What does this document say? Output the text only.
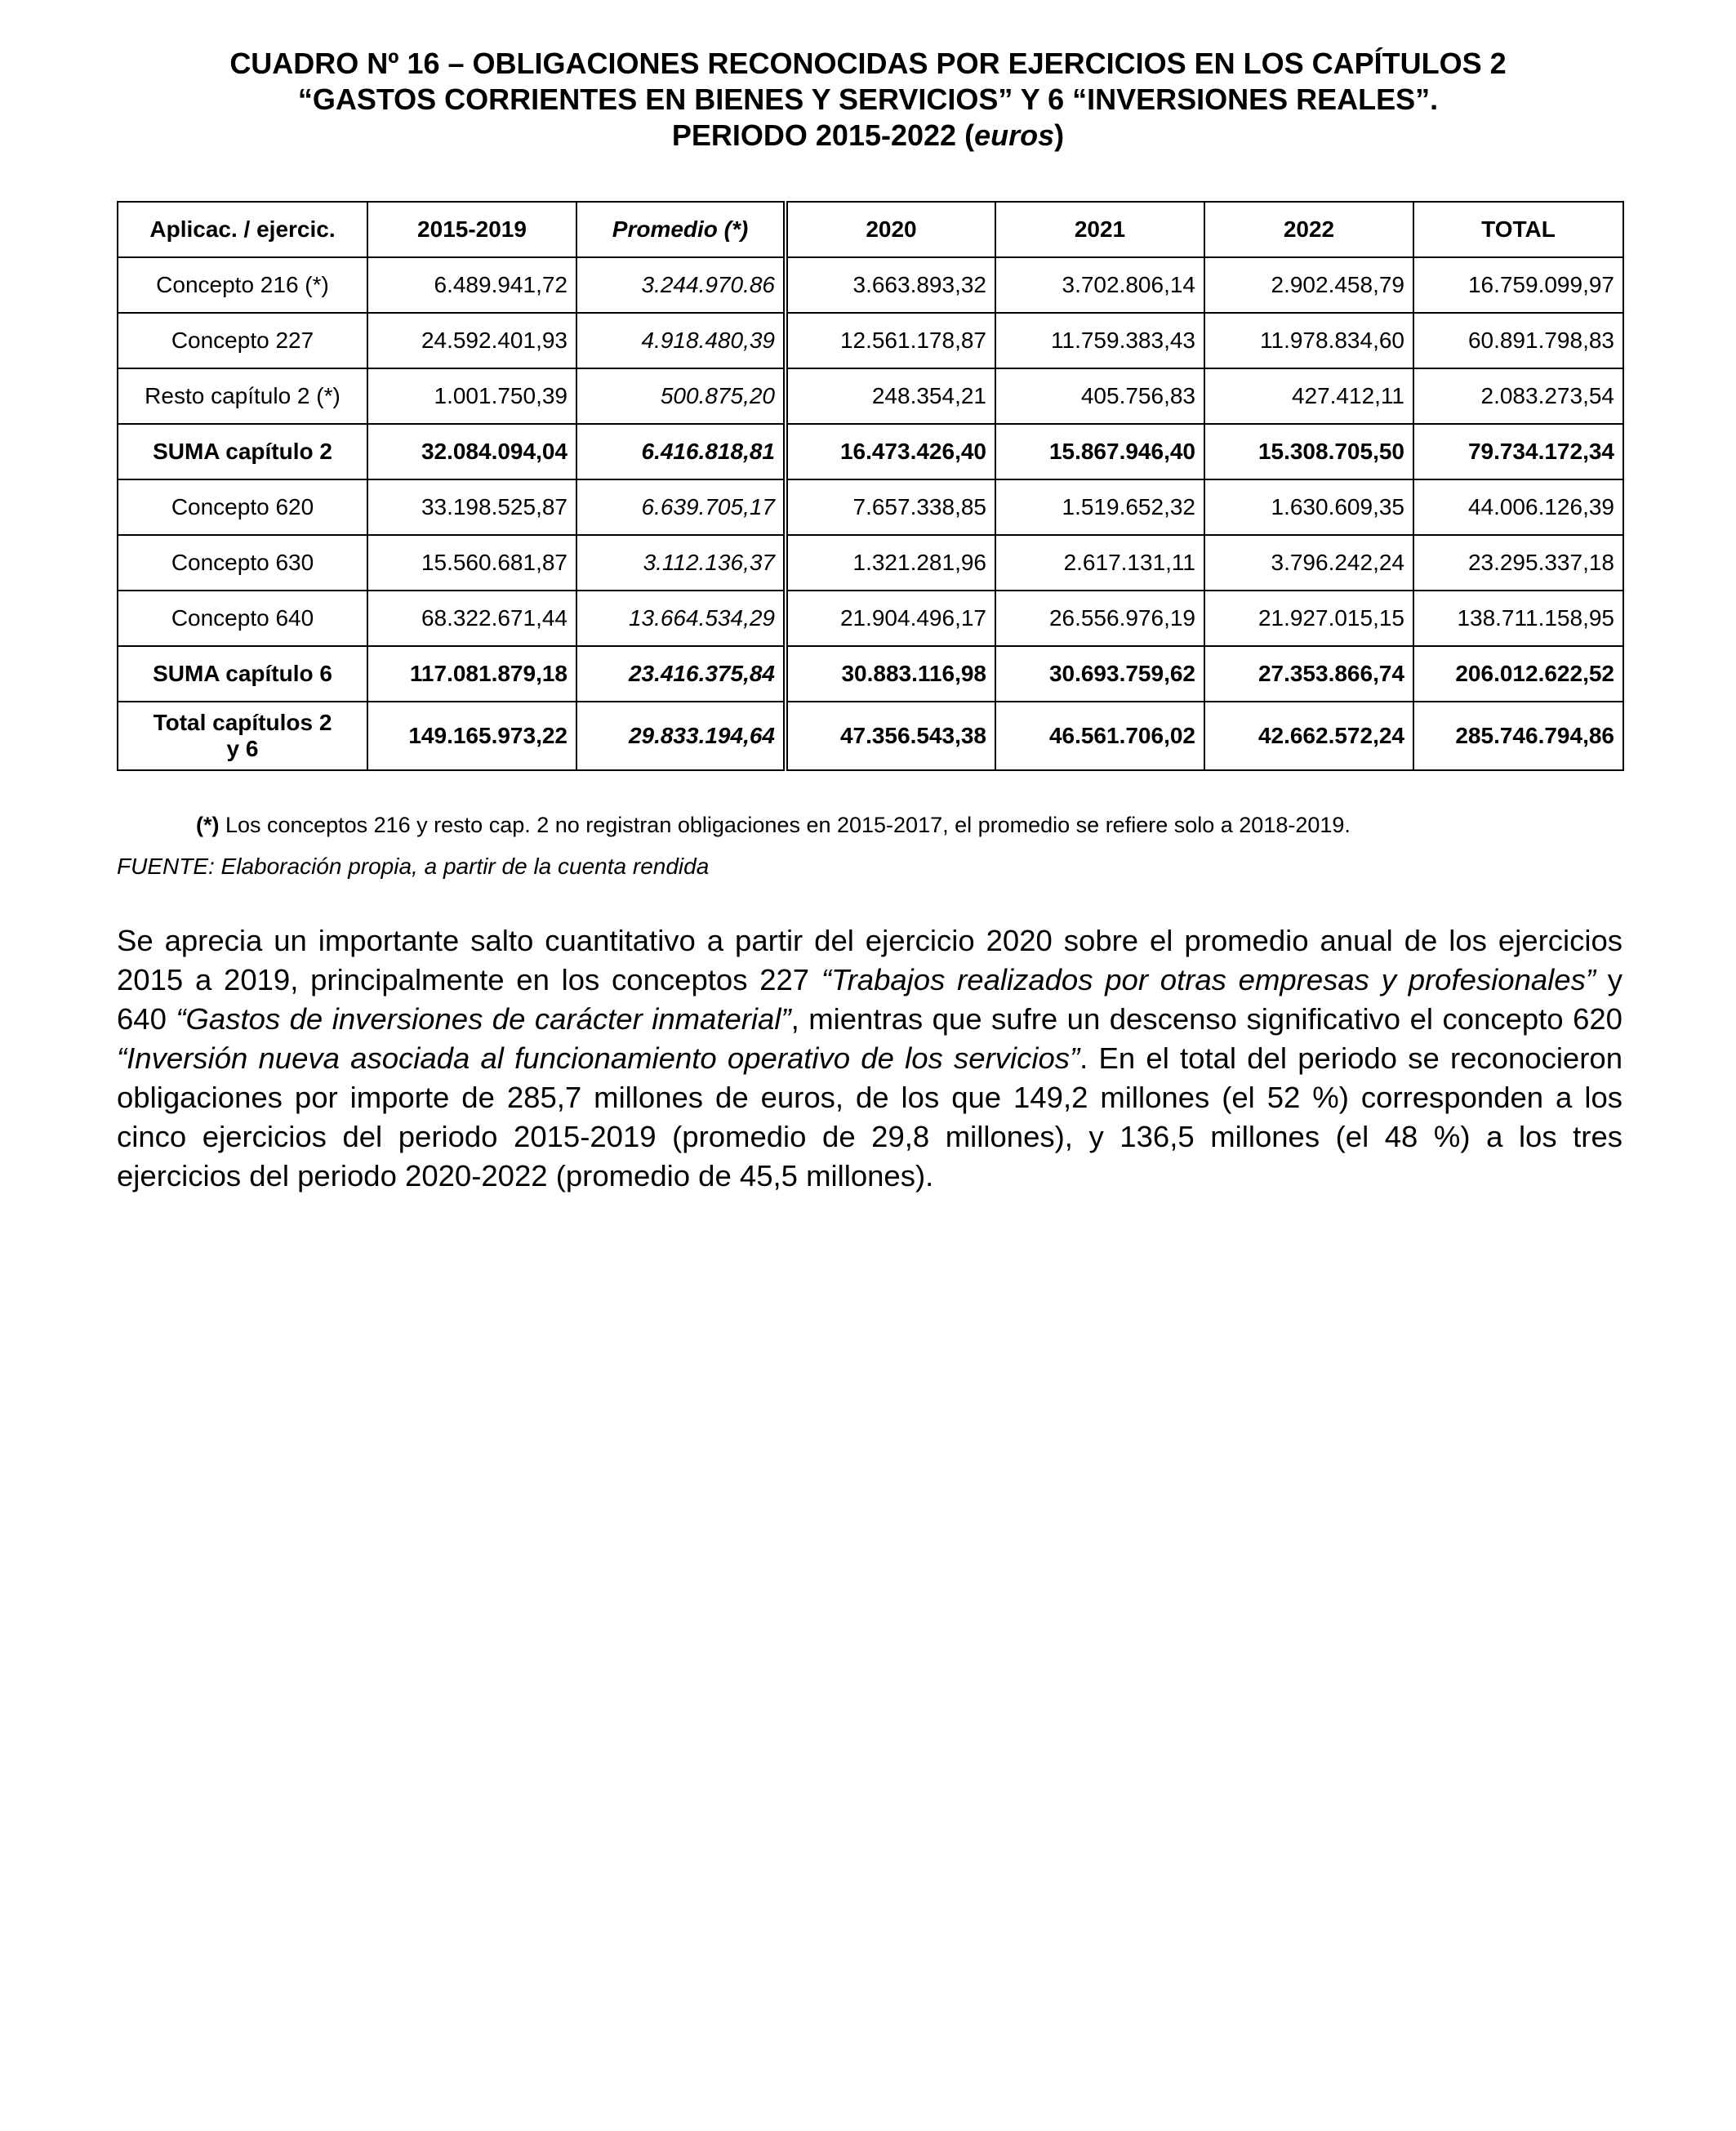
CUADRO Nº 16 – OBLIGACIONES RECONOCIDAS POR EJERCICIOS EN LOS CAPÍTULOS 2
“GASTOS CORRIENTES EN BIENES Y SERVICIOS” Y 6 “INVERSIONES REALES”.
PERIODO 2015-2022 (euros)
Aplicac. / ejercic.	2015-2019	Promedio (*)	2020	2021	2022	TOTAL
Concepto 216 (*)	6.489.941,72	3.244.970.86	3.663.893,32	3.702.806,14	2.902.458,79	16.759.099,97
Concepto 227	24.592.401,93	4.918.480,39	12.561.178,87	11.759.383,43	11.978.834,60	60.891.798,83
Resto capítulo 2 (*)	1.001.750,39	500.875,20	248.354,21	405.756,83	427.412,11	2.083.273,54
SUMA capítulo 2	32.084.094,04	6.416.818,81	16.473.426,40	15.867.946,40	15.308.705,50	79.734.172,34
Concepto 620	33.198.525,87	6.639.705,17	7.657.338,85	1.519.652,32	1.630.609,35	44.006.126,39
Concepto 630	15.560.681,87	3.112.136,37	1.321.281,96	2.617.131,11	3.796.242,24	23.295.337,18
Concepto 640	68.322.671,44	13.664.534,29	21.904.496,17	26.556.976,19	21.927.015,15	138.711.158,95
SUMA capítulo 6	117.081.879,18	23.416.375,84	30.883.116,98	30.693.759,62	27.353.866,74	206.012.622,52
Total capítulos 2 y 6	149.165.973,22	29.833.194,64	47.356.543,38	46.561.706,02	42.662.572,24	285.746.794,86
(*) Los conceptos 216 y resto cap. 2 no registran obligaciones en 2015-2017, el promedio se refiere solo a 2018-2019.
FUENTE: Elaboración propia, a partir de la cuenta rendida
Se aprecia un importante salto cuantitativo a partir del ejercicio 2020 sobre el promedio anual de los ejercicios 2015 a 2019, principalmente en los conceptos 227 “Trabajos realizados por otras empresas y profesionales” y 640 “Gastos de inversiones de carácter inmaterial”, mientras que sufre un descenso significativo el concepto 620 “Inversión nueva asociada al funcionamiento operativo de los servicios”. En el total del periodo se reconocieron obligaciones por importe de 285,7 millones de euros, de los que 149,2 millones (el 52 %) corresponden a los cinco ejercicios del periodo 2015-2019 (promedio de 29,8 millones), y 136,5 millones (el 48 %) a los tres ejercicios del periodo 2020-2022 (promedio de 45,5 millones).
